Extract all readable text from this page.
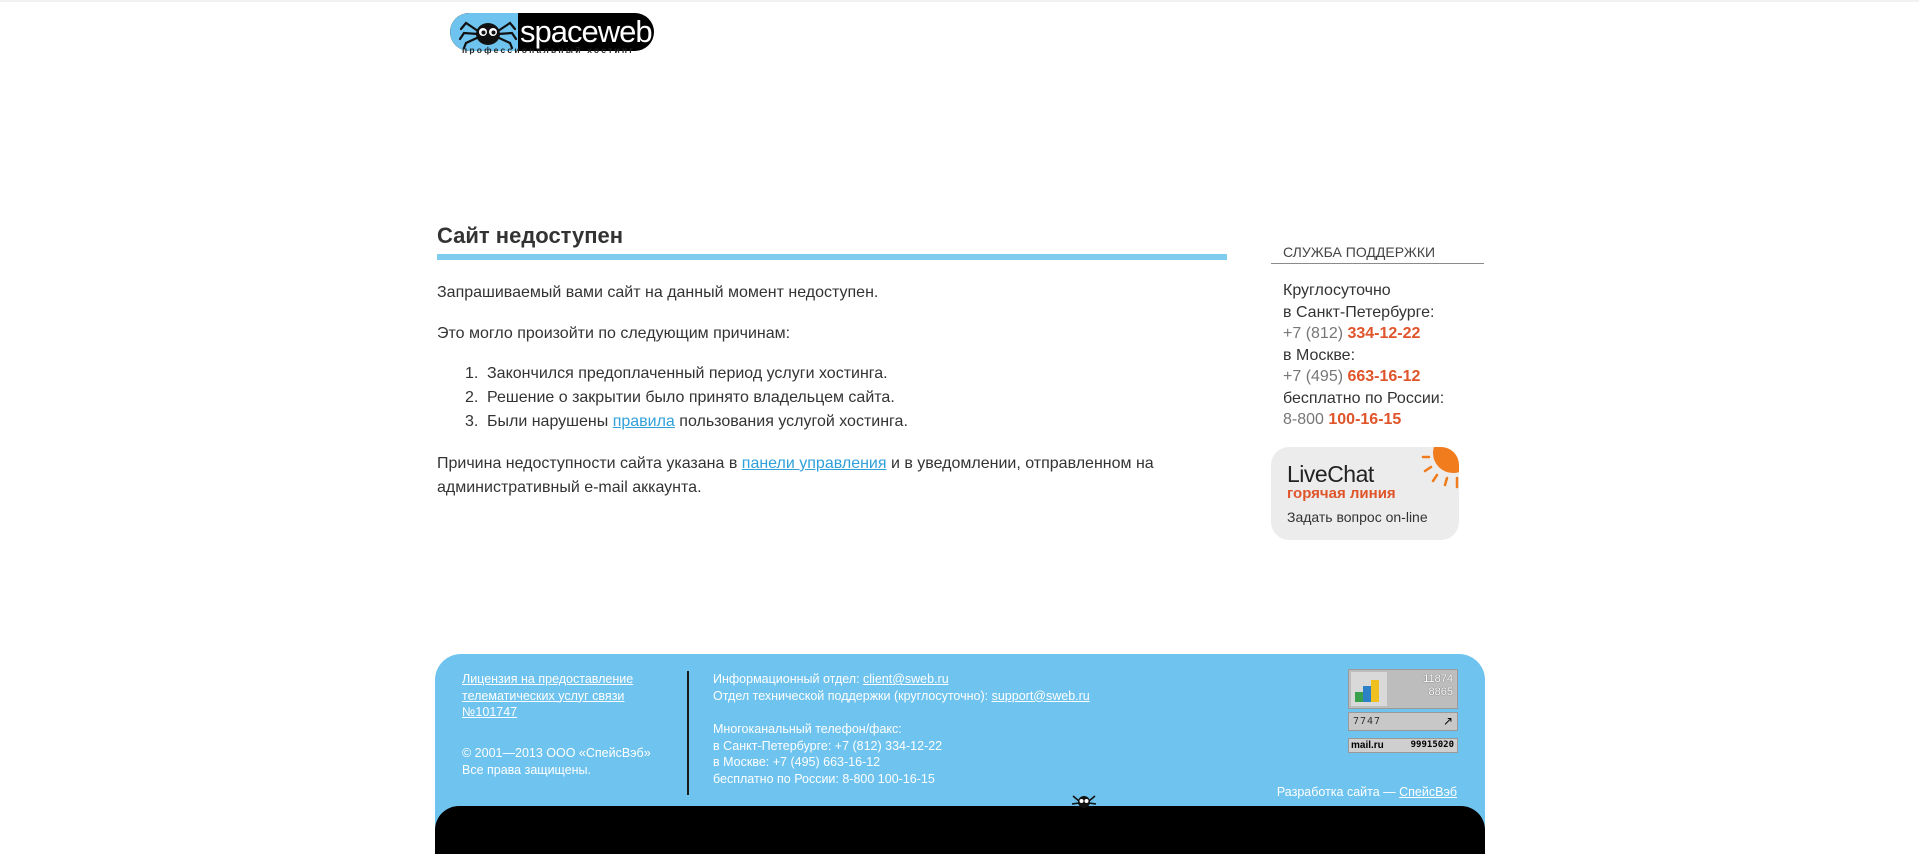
spaceweb
профессиональный хостинг
Сайт недоступен

Запрашиваемый вами сайт на данный момент недоступен.

Это могло произойти по следующим причинам:

1. Закончился предоплаченный период услуги хостинга.
2. Решение о закрытии было принято владельцем сайта.
3. Были нарушены правила пользования услугой хостинга.

Причина недоступности сайта указана в панели управления и в уведомлении, отправленном на административный e-mail аккаунта.

СЛУЖБА ПОДДЕРЖКИ
Круглосуточно
в Санкт-Петербурге:
+7 (812) 334-12-22
в Москве:
+7 (495) 663-16-12
бесплатно по России:
8-800 100-16-15
LiveChat
горячая линия
Задать вопрос on-line
Лицензия на предоставление телематических услуг связи №101747
© 2001—2013 ООО «СпейсВэб»
Все права защищены.
Информационный отдел: client@sweb.ru
Отдел технической поддержки (круглосуточно): support@sweb.ru
Многоканальный телефон/факс:
в Санкт-Петербурге: +7 (812) 334-12-22
в Москве: +7 (495) 663-16-12
бесплатно по России: 8-800 100-16-15
11874
8865
7747	↗
mail.ru	99915020
Разработка сайта — СпейсВэб
